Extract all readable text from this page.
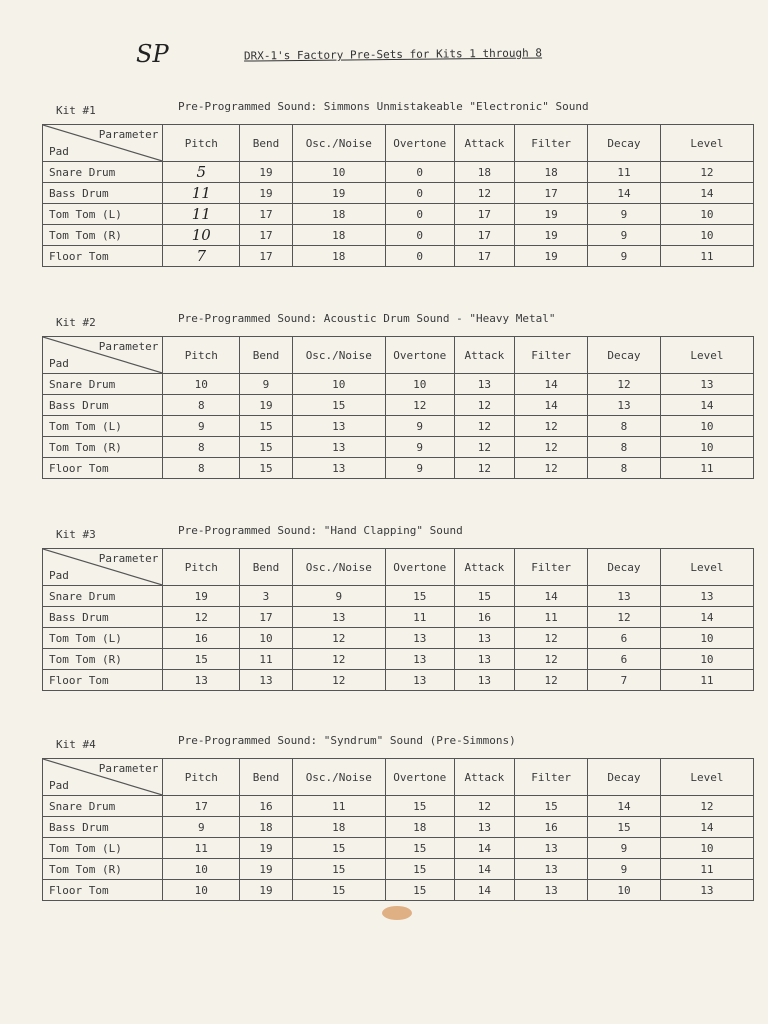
SP	DRX-1's Factory Pre-Sets for Kits 1 through 8
Kit #1	Pre-Programmed Sound: Simmons Unmistakeable "Electronic" Sound
Parameter
Pad	Pitch	Bend	Osc./Noise	Overtone	Attack	Filter	Decay	Level
Snare Drum	5	19	10	0	18	18	11	12
Bass Drum	11	19	19	0	12	17	14	14
Tom Tom (L)	11	17	18	0	17	19	9	10
Tom Tom (R)	10	17	18	0	17	19	9	10
Floor Tom	7	17	18	0	17	19	9	11
Kit #2	Pre-Programmed Sound: Acoustic Drum Sound - "Heavy Metal"
Parameter
Pad	Pitch	Bend	Osc./Noise	Overtone	Attack	Filter	Decay	Level
Snare Drum	10	9	10	10	13	14	12	13
Bass Drum	8	19	15	12	12	14	13	14
Tom Tom (L)	9	15	13	9	12	12	8	10
Tom Tom (R)	8	15	13	9	12	12	8	10
Floor Tom	8	15	13	9	12	12	8	11
Kit #3	Pre-Programmed Sound: "Hand Clapping" Sound
Parameter
Pad	Pitch	Bend	Osc./Noise	Overtone	Attack	Filter	Decay	Level
Snare Drum	19	3	9	15	15	14	13	13
Bass Drum	12	17	13	11	16	11	12	14
Tom Tom (L)	16	10	12	13	13	12	6	10
Tom Tom (R)	15	11	12	13	13	12	6	10
Floor Tom	13	13	12	13	13	12	7	11
Kit #4	Pre-Programmed Sound: "Syndrum" Sound (Pre-Simmons)
Parameter
Pad	Pitch	Bend	Osc./Noise	Overtone	Attack	Filter	Decay	Level
Snare Drum	17	16	11	15	12	15	14	12
Bass Drum	9	18	18	18	13	16	15	14
Tom Tom (L)	11	19	15	15	14	13	9	10
Tom Tom (R)	10	19	15	15	14	13	9	11
Floor Tom	10	19	15	15	14	13	10	13
